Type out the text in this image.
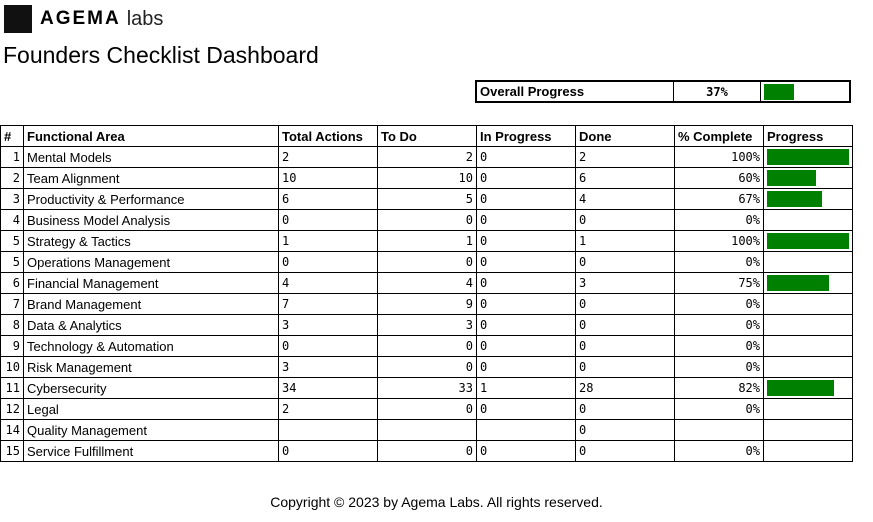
AGEMA labs
Founders Checklist Dashboard
Overall Progress	37%	
#	Functional Area	Total Actions	To Do	In Progress	Done	% Complete	Progress
1	Mental Models	2	2	0	2	100%	

2	Team Alignment	10	10	0	6	60%	

3	Productivity & Performance	6	5	0	4	67%	

4	Business Model Analysis	0	0	0	0	0%	

5	Strategy & Tactics	1	1	0	1	100%	

5	Operations Management	0	0	0	0	0%	

6	Financial Management	4	4	0	3	75%	

7	Brand Management	7	9	0	0	0%	

8	Data & Analytics	3	3	0	0	0%	

9	Technology & Automation	0	0	0	0	0%	

10	Risk Management	3	0	0	0	0%	

11	Cybersecurity	34	33	1	28	82%	

12	Legal	2	0	0	0	0%	

14	Quality Management				0		

15	Service Fulfillment	0	0	0	0	0%	
Copyright © 2023 by Agema Labs. All rights reserved.
